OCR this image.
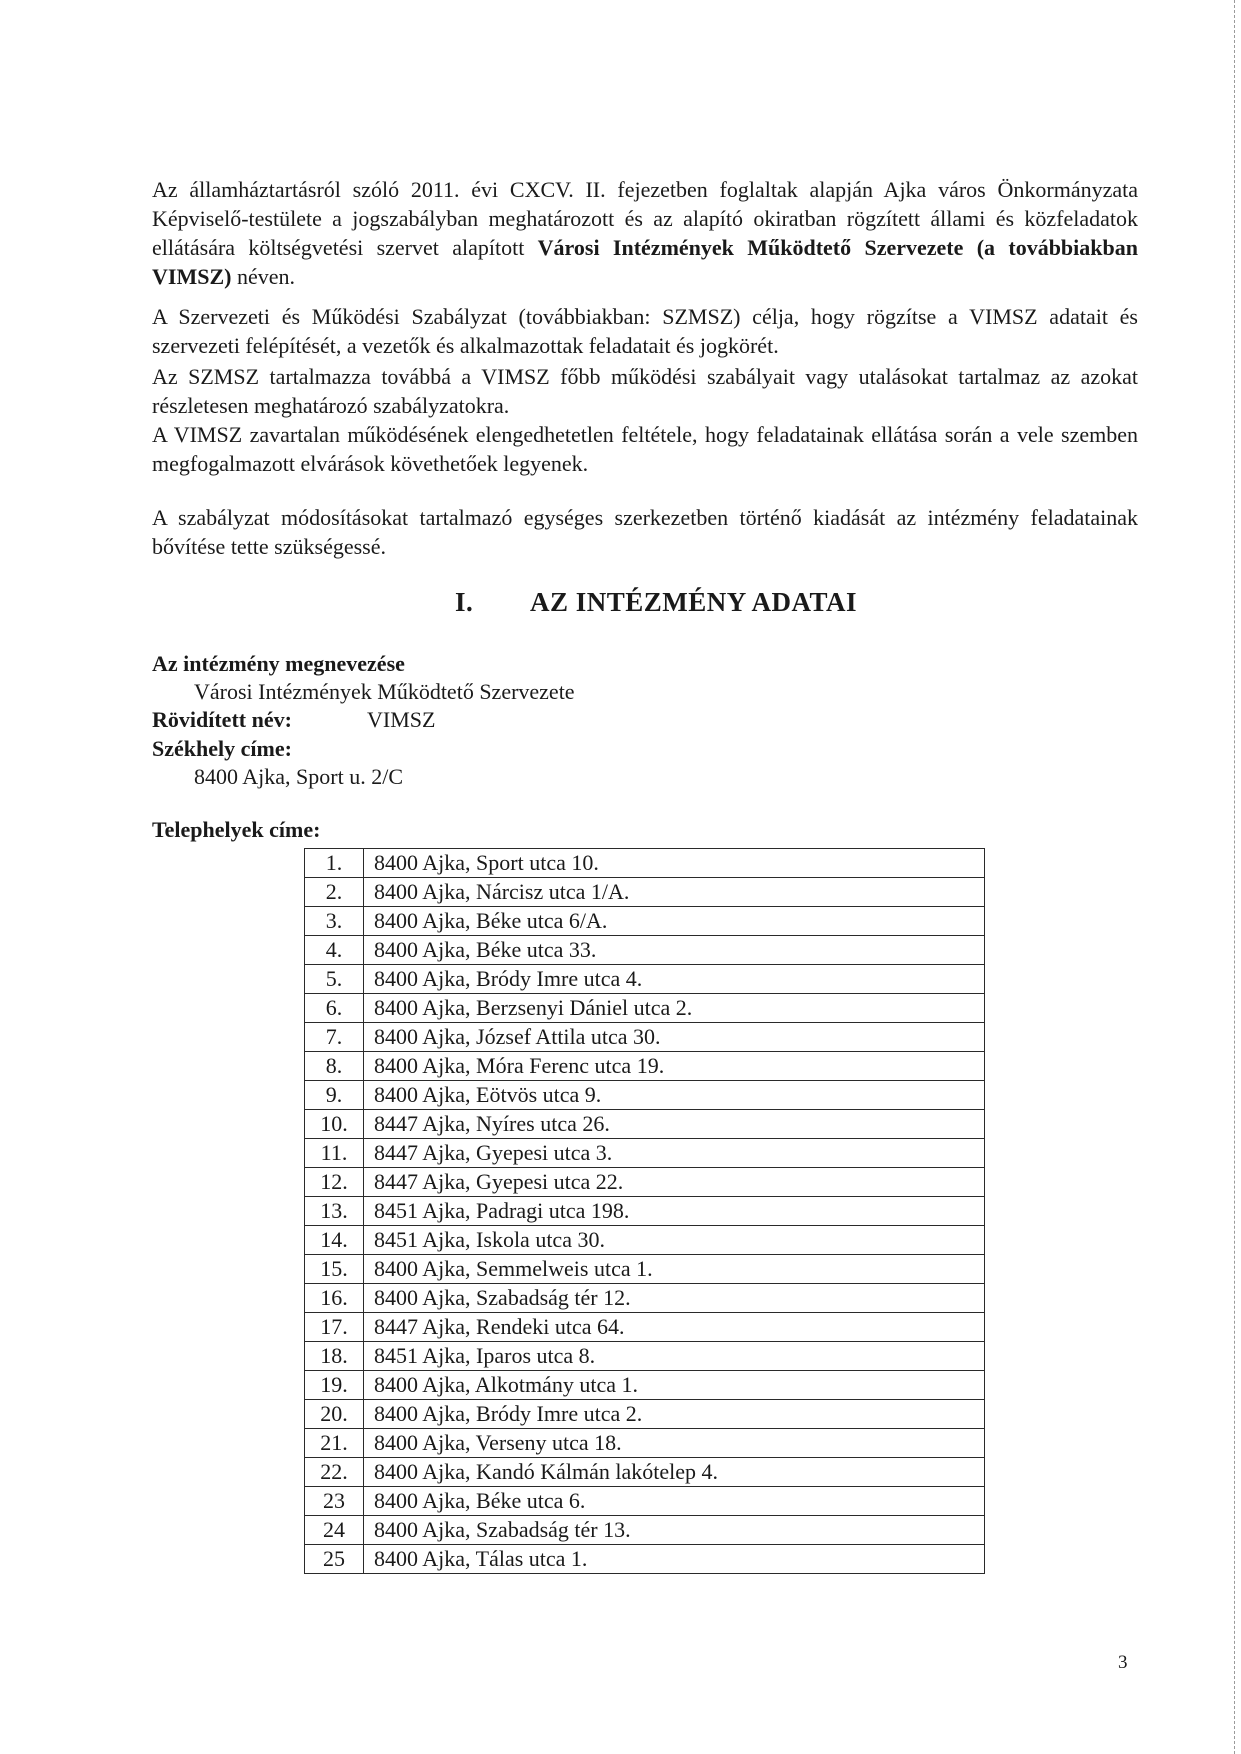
Az államháztartásról szóló 2011. évi CXCV. II. fejezetben foglaltak alapján Ajka város Önkormányzata Képviselő-testülete a jogszabályban meghatározott és az alapító okiratban rögzített állami és közfeladatok ellátására költségvetési szervet alapított Városi Intézmények Működtető Szervezete (a továbbiakban VIMSZ) néven.
A Szervezeti és Működési Szabályzat (továbbiakban: SZMSZ) célja, hogy rögzítse a VIMSZ adatait és szervezeti felépítését, a vezetők és alkalmazottak feladatait és jogkörét.
Az SZMSZ tartalmazza továbbá a VIMSZ főbb működési szabályait vagy utalásokat tartalmaz az azokat részletesen meghatározó szabályzatokra.
A VIMSZ zavartalan működésének elengedhetetlen feltétele, hogy feladatainak ellátása során a vele szemben megfogalmazott elvárások követhetőek legyenek.
A szabályzat módosításokat tartalmazó egységes szerkezetben történő kiadását az intézmény feladatainak bővítése tette szükségessé.
I. AZ INTÉZMÉNY ADATAI
Az intézmény megnevezése
Városi Intézmények Működtető Szervezete
Rövidített név:	VIMSZ
Székhely címe:
8400 Ajka, Sport u. 2/C
Telephelyek címe:
1.	8400 Ajka, Sport utca 10.
2.	8400 Ajka, Nárcisz utca 1/A.
3.	8400 Ajka, Béke utca 6/A.
4.	8400 Ajka, Béke utca 33.
5.	8400 Ajka, Bródy Imre utca 4.
6.	8400 Ajka, Berzsenyi Dániel utca 2.
7.	8400 Ajka, József Attila utca 30.
8.	8400 Ajka, Móra Ferenc utca 19.
9.	8400 Ajka, Eötvös utca 9.
10.	8447 Ajka, Nyíres utca 26.
11.	8447 Ajka, Gyepesi utca 3.
12.	8447 Ajka, Gyepesi utca 22.
13.	8451 Ajka, Padragi utca 198.
14.	8451 Ajka, Iskola utca 30.
15.	8400 Ajka, Semmelweis utca 1.
16.	8400 Ajka, Szabadság tér 12.
17.	8447 Ajka, Rendeki utca 64.
18.	8451 Ajka, Iparos utca 8.
19.	8400 Ajka, Alkotmány utca 1.
20.	8400 Ajka, Bródy Imre utca 2.
21.	8400 Ajka, Verseny utca 18.
22.	8400 Ajka, Kandó Kálmán lakótelep 4.
23	8400 Ajka, Béke utca 6.
24	8400 Ajka, Szabadság tér 13.
25	8400 Ajka, Tálas utca 1.
3
